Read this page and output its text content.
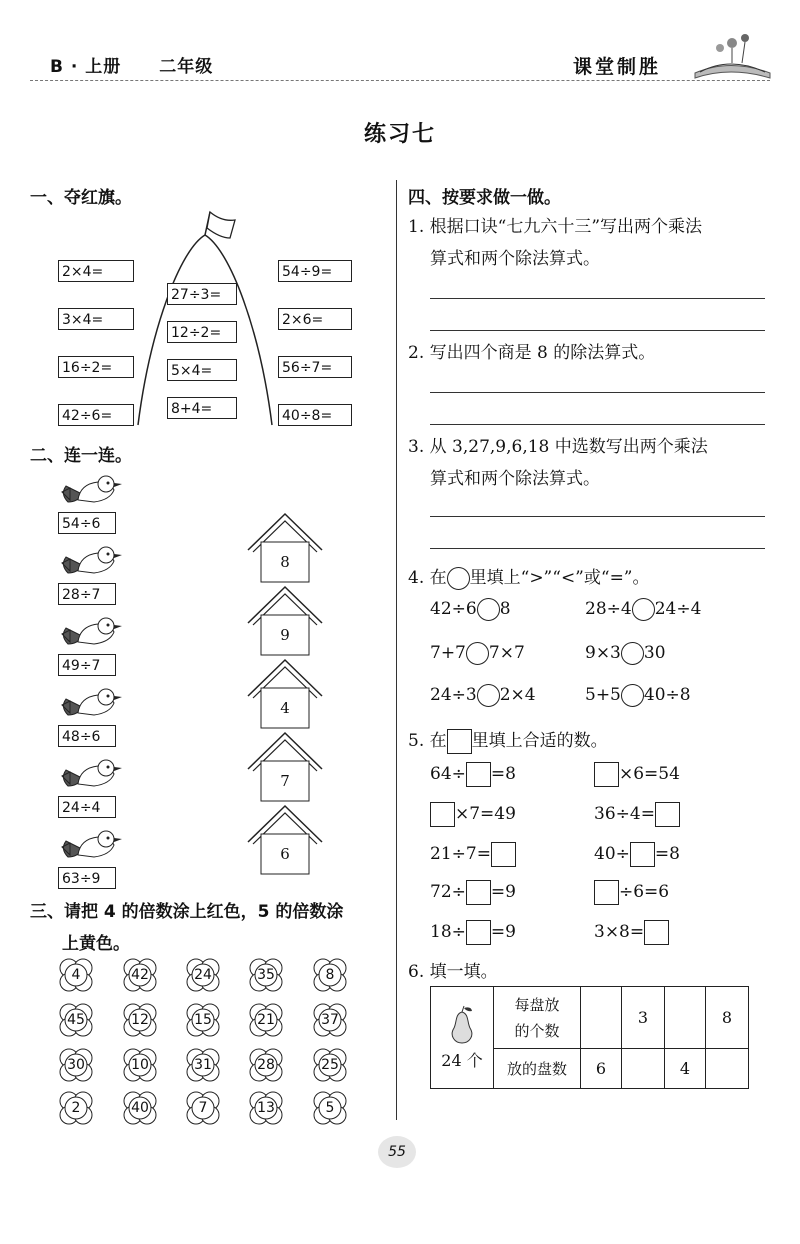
B · 上册 二年级	课堂制胜
练习七
一、夺红旗。
2×4=
3×4=
16÷2=
42÷6=
27÷3=
12÷2=
5×4=
8+4=
54÷9=
2×6=
56÷7=
40÷8=
二、连一连。
54÷6
28÷7
49÷7
48÷6
24÷4
63÷9
8
9
4
7
6
三、请把 4 的倍数涂上红色，5 的倍数涂
上黄色。
4	42	24	35	8
45	12	15	21	37
30	10	31	28	25
2	40	7	13	5
四、按要求做一做。
1. 根据口诀“七九六十三”写出两个乘法
算式和两个除法算式。
2. 写出四个商是 8 的除法算式。
3. 从 3,27,9,6,18 中选数写出两个乘法
算式和两个除法算式。
4. 在 里填上“>”“<”或“=”。
42÷6 8	28÷4 24÷4
7+7 7×7	9×3 30
24÷3 2×4	5+5 40÷8
5. 在 里填上合适的数。
64÷ =8	×6=54
×7=49	36÷4=
21÷7=	40÷ =8
72÷ =9	÷6=6
18÷ =9	3×8=
6. 填一填。
24 个	每盘放
的个数		3		8
	放的盘数	6		4	
55
